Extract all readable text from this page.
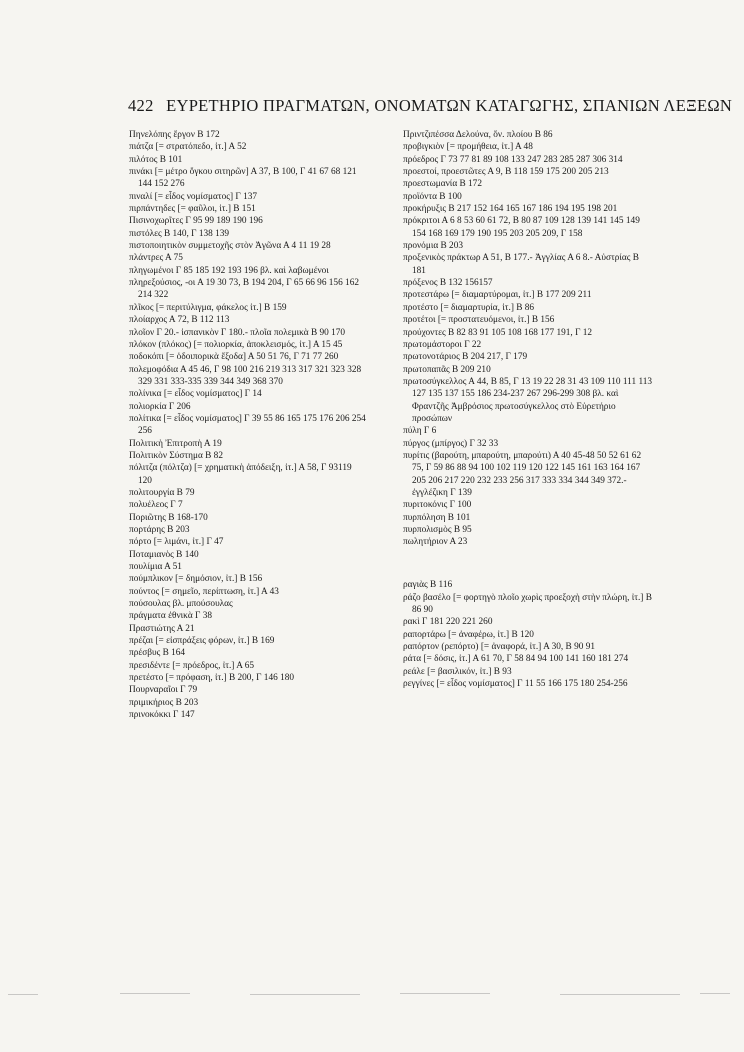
422 ΕΥΡΕΤΗΡΙΟ ΠΡΑΓΜΑΤΩΝ, ΟΝΟΜΑΤΩΝ ΚΑΤΑΓΩΓΗΣ, ΣΠΑΝΙΩΝ ΛΕΞΕΩΝ

Πηνελόπης ἔργον Β 172

πιάτζα [= στρατόπεδο, ἰτ.] Α 52

πιλότος Β 101

πινάκι [= μέτρο ὄγκου σιτηρῶν] Α 37, Β 100, Γ 41 67 68 121 144 152 276

πιναλί [= εἶδος νομίσματος] Γ 137

πιρπάντηδες [= φαῦλοι, ἰτ.] Β 151

Πισινοχωρῖτες Γ 95 99 189 190 196

πιστόλες Β 140, Γ 138 139

πιστοποιητικὸν συμμετοχῆς στὸν Ἀγῶνα Α 4 11 19 28

πλάντρες Α 75

πληγωμένοι Γ 85 185 192 193 196 βλ. καὶ λαβωμένοι

πληρεξούσιος, -οι Α 19 30 73, Β 194 204, Γ 65 66 96 156 162 214 322

πλῖκος [= περιτύλιγμα, φάκελος ἰτ.] Β 159

πλοίαρχος Α 72, Β 112 113

πλοῖον Γ 20.- ἰσπανικὸν Γ 180.- πλοῖα πολεμικὰ Β 90 170

πλόκον (πλόκος) [= πολιορκία, ἀποκλεισμός, ἰτ.] Α 15 45

ποδοκόπι [= ὁδοιπορικὰ ἔξοδα] Α 50 51 76, Γ 71 77 260

πολεμοφόδια Α 45 46, Γ 98 100 216 219 313 317 321 323 328 329 331 333-335 339 344 349 368 370

πολίνικα [= εἶδος νομίσματος] Γ 14

πολιορκία Γ 206

πολίτικα [= εἶδος νομίσματος] Γ 39 55 86 165 175 176 206 254 256

Πολιτικὴ Ἐπιτροπὴ Α 19

Πολιτικὸν Σύστημα Β 82

πόλιτζα (πόλτζα) [= χρηματικὴ ἀπόδειξη, ἰτ.] Α 58, Γ 93119 120

πολιτουργία Β 79

πολυέλεος Γ 7

Ποριῶτης Β 168-170

πορτάρης Β 203

πόρτο [= λιμάνι, ἰτ.] Γ 47

Ποταμιανὸς Β 140

πουλίμια Α 51

πούμπλικον [= δημόσιον, ἰτ.] Β 156

πούντος [= σημεῖο, περίπτωση, ἰτ.] Α 43

πούσουλας βλ. μπούσουλας

πράγματα ἐθνικὰ Γ 38

Πραστιώτης Α 21

πρέζαι [= εἰσπράξεις φόρων, ἰτ.] Β 169

πρέσβυς Β 164

πρεσιδέντε [= πρόεδρος, ἰτ.] Α 65

πρετέστο [= πρόφαση, ἰτ.] Β 200, Γ 146 180

Πουρναραῖοι Γ 79

πριμικήριος Β 203

πρινοκόκκι Γ 147

Πριντζιπέσσα Δελούνα, ὄν. πλοίου Β 86

προβιγκιὸν [= προμήθεια, ἰτ.] Α 48

πρόεδρος Γ 73 77 81 89 108 133 247 283 285 287 306 314

προεστοί, προεστῶτες Α 9, Β 118 159 175 200 205 213

προεστωμανία Β 172

προϊόντα Β 100

προκήρυξις Β 217 152 164 165 167 186 194 195 198 201

πρόκριτοι Α 6 8 53 60 61 72, Β 80 87 109 128 139 141 145 149 154 168 169 179 190 195 203 205 209, Γ 158

προνόμια Β 203

προξενικὸς πράκτωρ Α 51, Β 177.- Ἀγγλίας Α 6 8.- Αὐστρίας Β 181

πρόξενος Β 132 156157

προτεστάρω [= διαμαρτύρομαι, ἰτ.] Β 177 209 211

προτέστο [= διαμαρτυρία, ἰτ.] Β 86

προτέτοι [= προστατευόμενοι, ἰτ.] Β 156

προύχοντες Β 82 83 91 105 108 168 177 191, Γ 12

πρωτομάστοροι Γ 22

πρωτονοτάριος Β 204 217, Γ 179

πρωτοπαπᾶς Β 209 210

πρωτοσύγκελλος Α 44, Β 85, Γ 13 19 22 28 31 43 109 110 111 113 127 135 137 155 186 234-237 267 296-299 308 βλ. καὶ Φραντζῆς Ἀμβρόσιος πρωτοσύγκελλος στὸ Εὑρετήριο προσώπων

πύλη Γ 6

πύργος (μπίργος) Γ 32 33

πυρίτις (βαρούτη, μπαρούτη, μπαρούτι) Α 40 45-48 50 52 61 62 75, Γ 59 86 88 94 100 102 119 120 122 145 161 163 164 167 205 206 217 220 232 233 256 317 333 334 344 349 372.- ἐγγλέζικη Γ 139

πυριτοκόνις Γ 100

πυρπόληση Β 101

πυρπολισμὸς Β 95

πωλητήριον Α 23

ραγιὰς Β 116

ράζο βασέλο [= φορτηγὸ πλοῖο χωρὶς προεξοχὴ στὴν πλώρη, ἰτ.] Β 86 90

ρακὶ Γ 181 220 221 260

ραπορτάρω [= ἀναφέρω, ἰτ.] Β 120

ραπόρτον (ρεπόρτο) [= ἀναφορά, ἰτ.] Α 30, Β 90 91

ράτα [= δόσις, ἰτ.] Α 61 70, Γ 58 84 94 100 141 160 181 274

ρεάλε [= βασιλικόν, ἰτ.] Β 93

ρεγγίνες [= εἶδος νομίσματος] Γ 11 55 166 175 180 254-256
